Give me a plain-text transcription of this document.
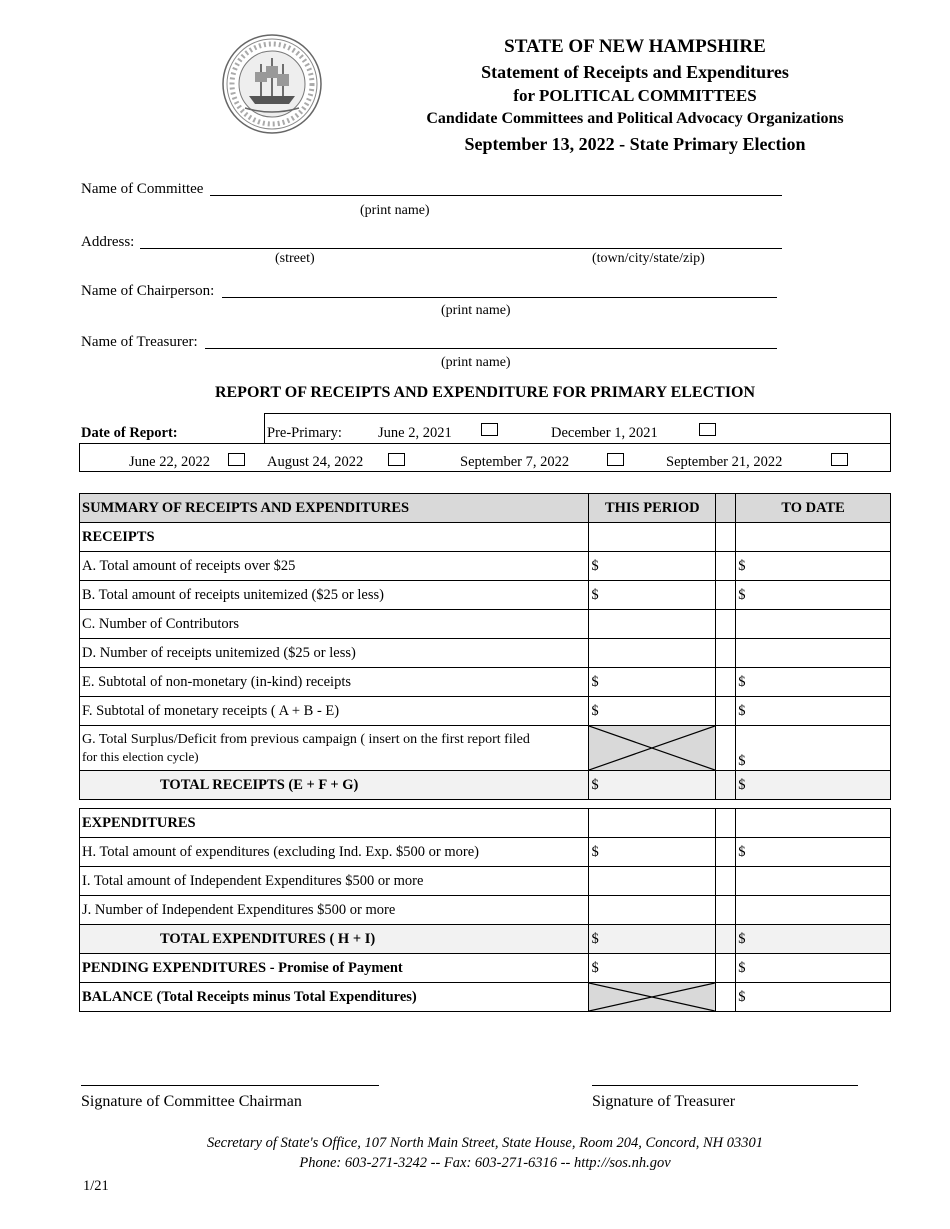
STATE OF NEW HAMPSHIRE
Statement of Receipts and Expenditures
for POLITICAL COMMITTEES
Candidate Committees and Political Advocacy Organizations
September 13, 2022 - State Primary Election
Name of Committee
(print name)
Address:
(street)	(town/city/state/zip)
Name of Chairperson:
(print name)
Name of Treasurer:
(print name)
REPORT OF RECEIPTS AND EXPENDITURE FOR PRIMARY ELECTION
Date of Report:	Pre-Primary: June 2, 2021	December 1, 2021
June 22, 2022	August 24, 2022	September 7, 2022	September 21, 2022
SUMMARY OF RECEIPTS AND EXPENDITURES	THIS PERIOD		TO DATE
RECEIPTS			
A. Total amount of receipts over $25	$		$
B. Total amount of receipts unitemized ($25 or less)	$		$
C. Number of Contributors			
D. Number of receipts unitemized ($25 or less)			
E. Subtotal of non-monetary (in-kind) receipts	$		$
F. Subtotal of monetary receipts ( A + B - E)	$		$

G. Total Surplus/Deficit from previous campaign ( insert on the first report filed
for this election cycle)			$
TOTAL RECEIPTS (E + F + G)	$		$
EXPENDITURES			
H. Total amount of expenditures (excluding Ind. Exp. $500 or more)	$		$
I. Total amount of Independent Expenditures $500 or more			
J. Number of Independent Expenditures $500 or more			
TOTAL EXPENDITURES ( H + I)	$		$
PENDING EXPENDITURES - Promise of Payment	$		$
BALANCE (Total Receipts minus Total Expenditures)			$
Signature of Committee Chairman	Signature of Treasurer
Secretary of State's Office, 107 North Main Street, State House, Room 204, Concord, NH 03301
Phone: 603-271-3242 -- Fax: 603-271-6316 -- http://sos.nh.gov
1/21
